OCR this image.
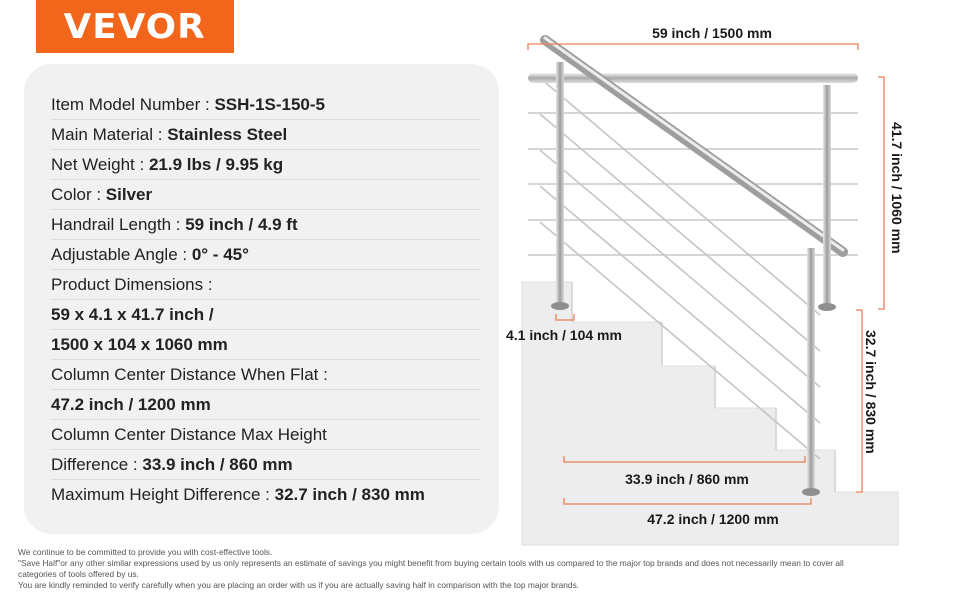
VEVOR
Item Model Number : SSH-1S-150-5
Main Material : Stainless Steel
Net Weight : 21.9 lbs / 9.95 kg
Color : Silver
Handrail Length : 59 inch / 4.9 ft
Adjustable Angle : 0° - 45°
Product Dimensions :
59 x 4.1 x 41.7 inch /
1500 x 104 x 1060 mm
Column Center Distance When Flat :
47.2 inch / 1200 mm
Column Center Distance Max Height
Difference : 33.9 inch / 860 mm
Maximum Height Difference : 32.7 inch / 830 mm
59 inch / 1500 mm
41.7 inch / 1060 mm
4.1 inch / 104 mm	32.7 inch / 830 mm
33.9 inch / 860 mm
47.2 inch / 1200 mm
We continue to be committed to provide you with cost-effective tools.
"Save Half"or any other similar expressions used by us only represents an estimate of savings you might benefit from buying certain tools with us compared to the major top brands and does not necessarily mean to cover all
categories of tools offered by us.
You are kindly reminded to verify carefully when you are placing an order with us if you are actually saving half in comparison with the top major brands.
